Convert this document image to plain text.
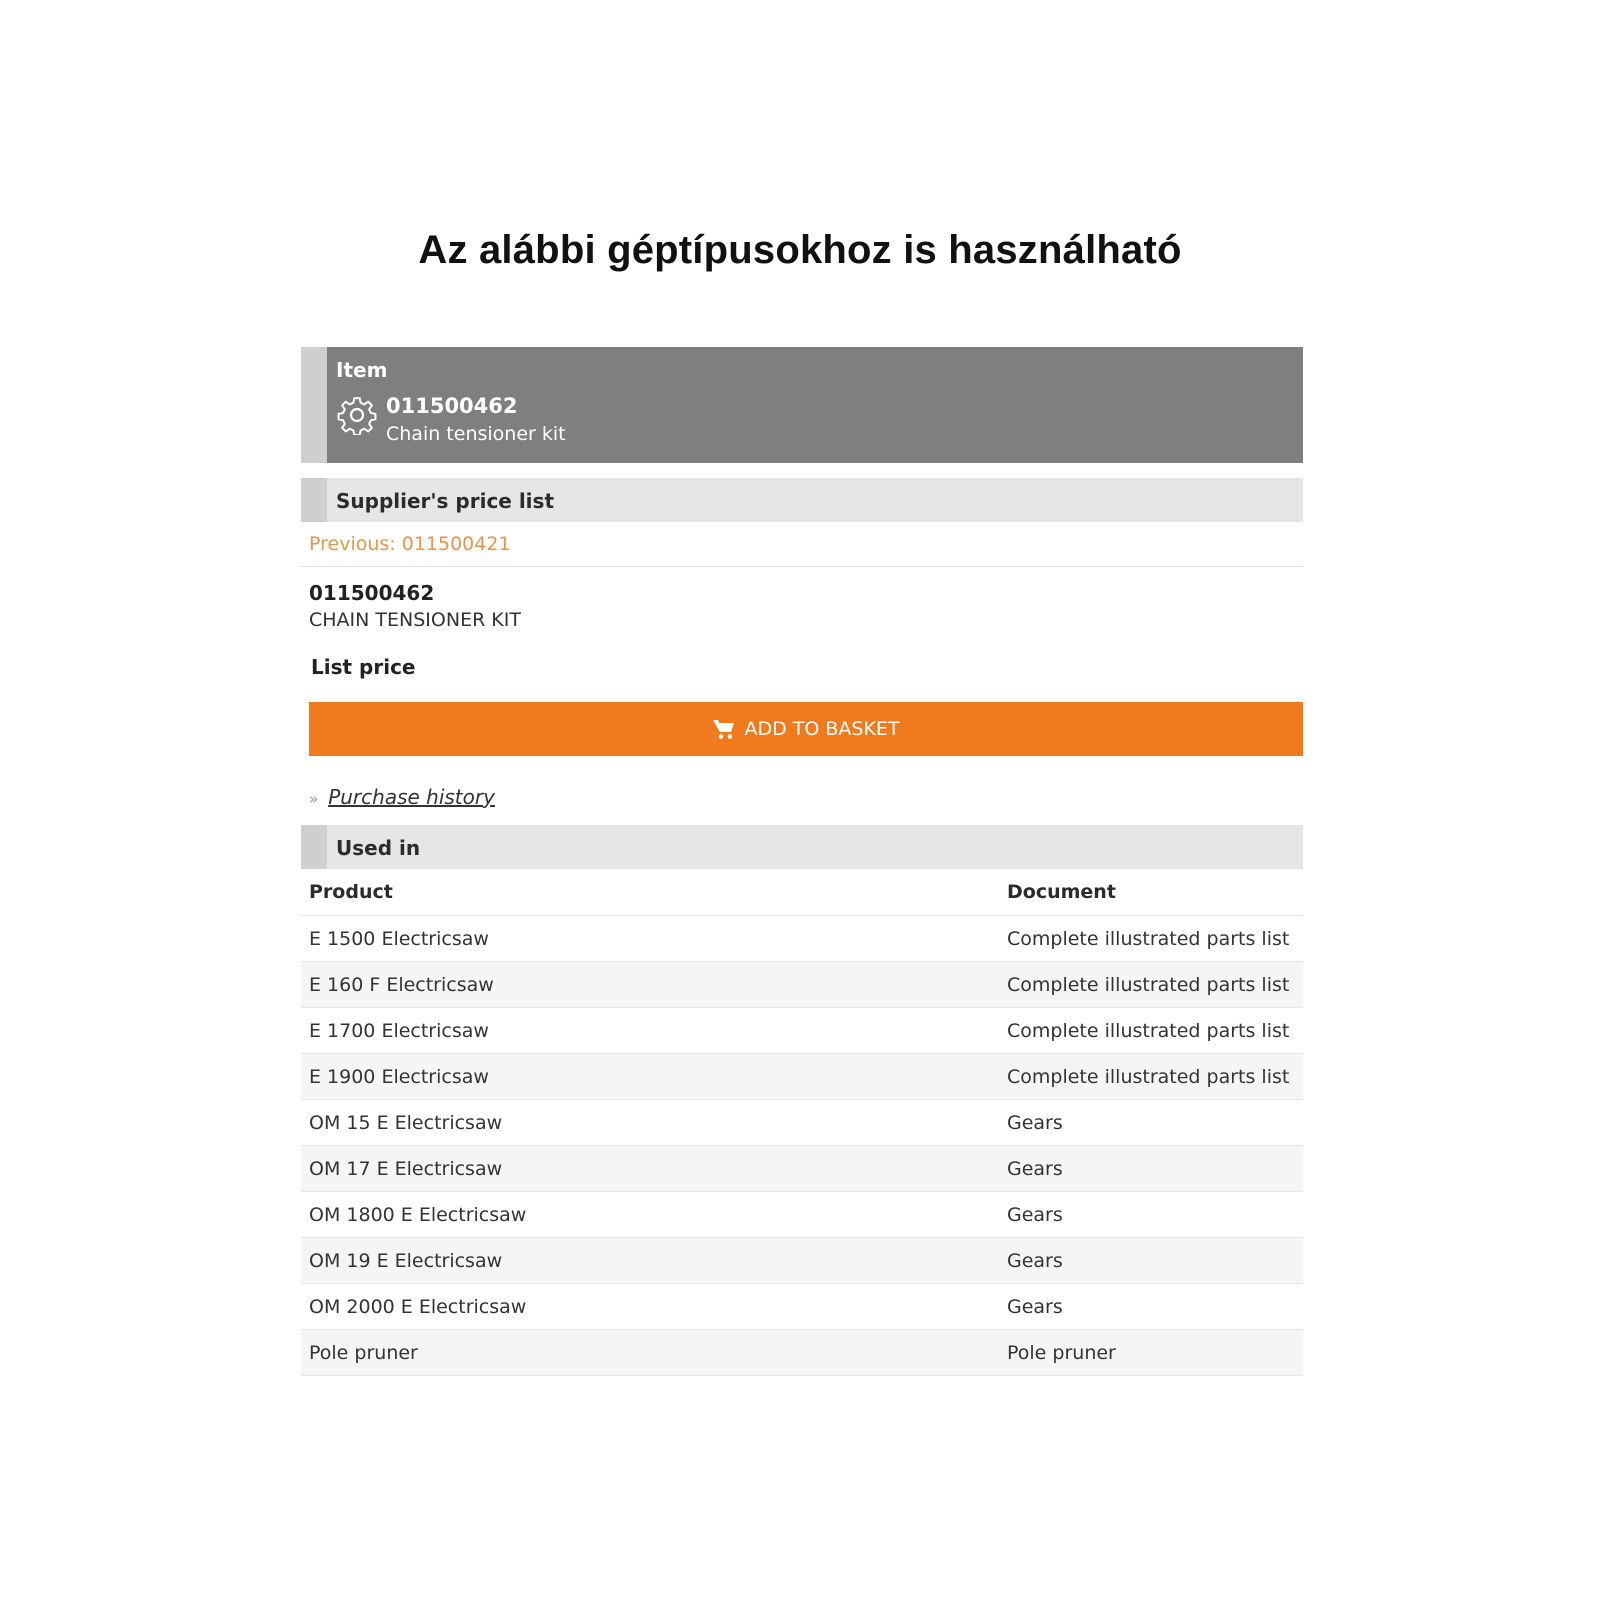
Az alábbi géptípusokhoz is használható
Item
011500462
Chain tensioner kit
Supplier's price list
Previous: 011500421
011500462
CHAIN TENSIONER KIT
List price
ADD TO BASKET
» Purchase history
Used in
Product	Document
E 1500 Electricsaw	Complete illustrated parts list
E 160 F Electricsaw	Complete illustrated parts list
E 1700 Electricsaw	Complete illustrated parts list
E 1900 Electricsaw	Complete illustrated parts list
OM 15 E Electricsaw	Gears
OM 17 E Electricsaw	Gears
OM 1800 E Electricsaw	Gears
OM 19 E Electricsaw	Gears
OM 2000 E Electricsaw	Gears
Pole pruner	Pole pruner
